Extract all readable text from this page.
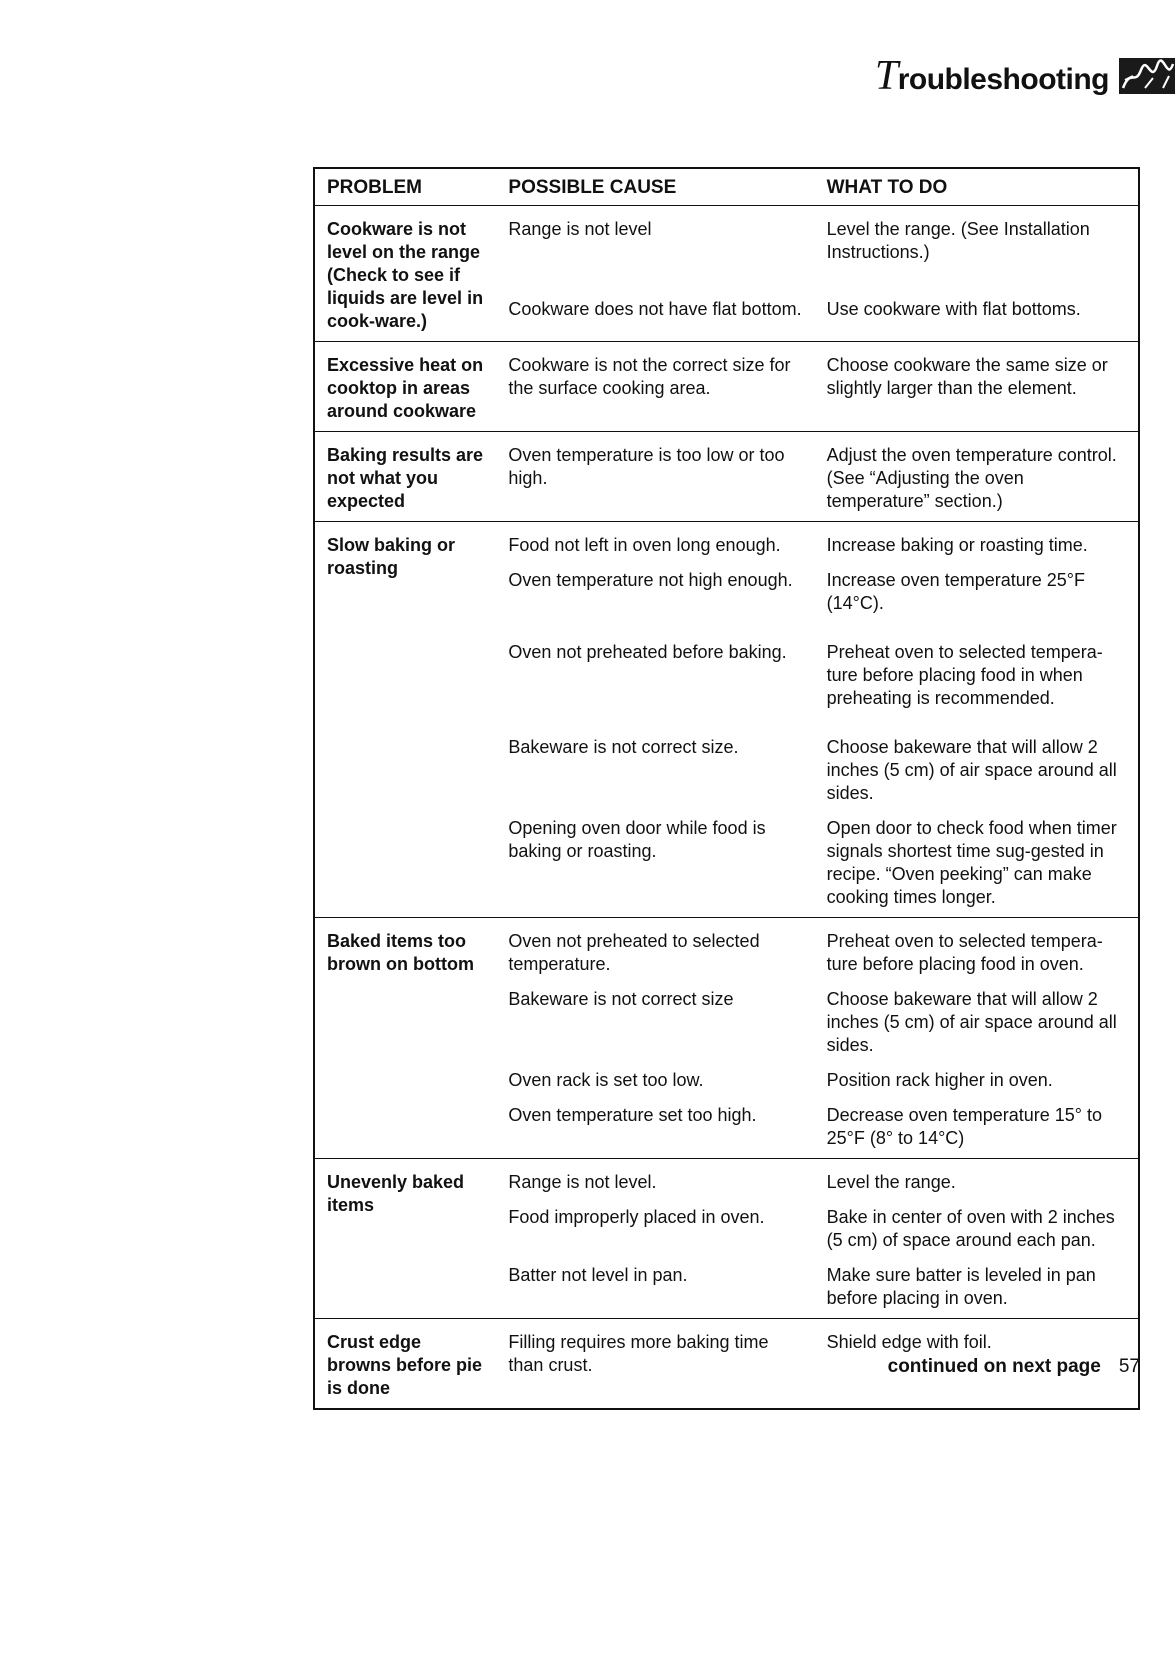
Troubleshooting
PROBLEM	POSSIBLE CAUSE	WHAT TO DO
Cookware is not level on the range (Check to see if liquids are level in cook-ware.)	Range is not level	Level the range. (See Installation Instructions.)
	Cookware does not have flat bottom.	Use cookware with flat bottoms.
Excessive heat on cooktop in areas around cookware	Cookware is not the correct size for the surface cooking area.	Choose cookware the same size or slightly larger than the element.
Baking results are not what you expected	Oven temperature is too low or too high.	Adjust the oven temperature control. (See “Adjusting the oven temperature” section.)
Slow baking or roasting	Food not left in oven long enough.	Increase baking or roasting time.
	Oven temperature not high enough.	Increase oven temperature 25°F (14°C).
	Oven not preheated before baking.	Preheat oven to selected tempera-ture before placing food in when preheating is recommended.
	Bakeware is not correct size.	Choose bakeware that will allow 2 inches (5 cm) of air space around all sides.
	Opening oven door while food is baking or roasting.	Open door to check food when timer signals shortest time sug-gested in recipe. “Oven peeking” can make cooking times longer.
Baked items too brown on bottom	Oven not preheated to selected temperature.	Preheat oven to selected tempera-ture before placing food in oven.
	Bakeware is not correct size	Choose bakeware that will allow 2 inches (5 cm) of air space around all sides.
	Oven rack is set too low.	Position rack higher in oven.
	Oven temperature set too high.	Decrease oven temperature 15° to 25°F (8° to 14°C)
Unevenly baked items	Range is not level.	Level the range.
	Food improperly placed in oven.	Bake in center of oven with 2 inches (5 cm) of space around each pan.
	Batter not level in pan.	Make sure batter is leveled in pan before placing in oven.
Crust edge browns before pie is done	Filling requires more baking time than crust.	Shield edge with foil.
continued on next page 57
